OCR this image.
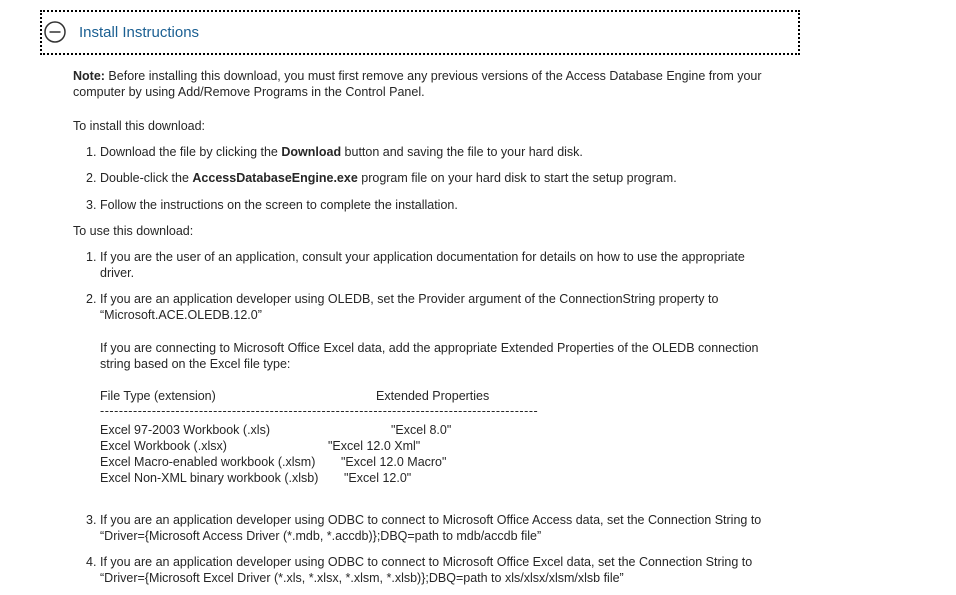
Install Instructions

Note: Before installing this download, you must first remove any previous versions of the Access Database Engine from your computer by using Add/Remove Programs in the Control Panel.

To install this download:

1. Download the file by clicking the Download button and saving the file to your hard disk.
2. Double-click the AccessDatabaseEngine.exe program file on your hard disk to start the setup program.
3. Follow the instructions on the screen to complete the installation.

To use this download:

1. If you are the user of an application, consult your application documentation for details on how to use the appropriate
driver.
2. If you are an application developer using OLEDB, set the Provider argument of the ConnectionString property to
“Microsoft.ACE.OLEDB.12.0”
If you are connecting to Microsoft Office Excel data, add the appropriate Extended Properties of the OLEDB connection
string based on the Excel file type:
File Type (extension)	Extended Properties
---------------------------------------------------------------------------------------------
Excel 97-2003 Workbook (.xls)	"Excel 8.0"
Excel Workbook (.xlsx)	"Excel 12.0 Xml"
Excel Macro-enabled workbook (.xlsm) "Excel 12.0 Macro"
Excel Non-XML binary workbook (.xlsb) "Excel 12.0"
3. If you are an application developer using ODBC to connect to Microsoft Office Access data, set the Connection String to
“Driver={Microsoft Access Driver (*.mdb, *.accdb)};DBQ=path to mdb/accdb file”
4. If you are an application developer using ODBC to connect to Microsoft Office Excel data, set the Connection String to
“Driver={Microsoft Excel Driver (*.xls, *.xlsx, *.xlsm, *.xlsb)};DBQ=path to xls/xlsx/xlsm/xlsb file”
